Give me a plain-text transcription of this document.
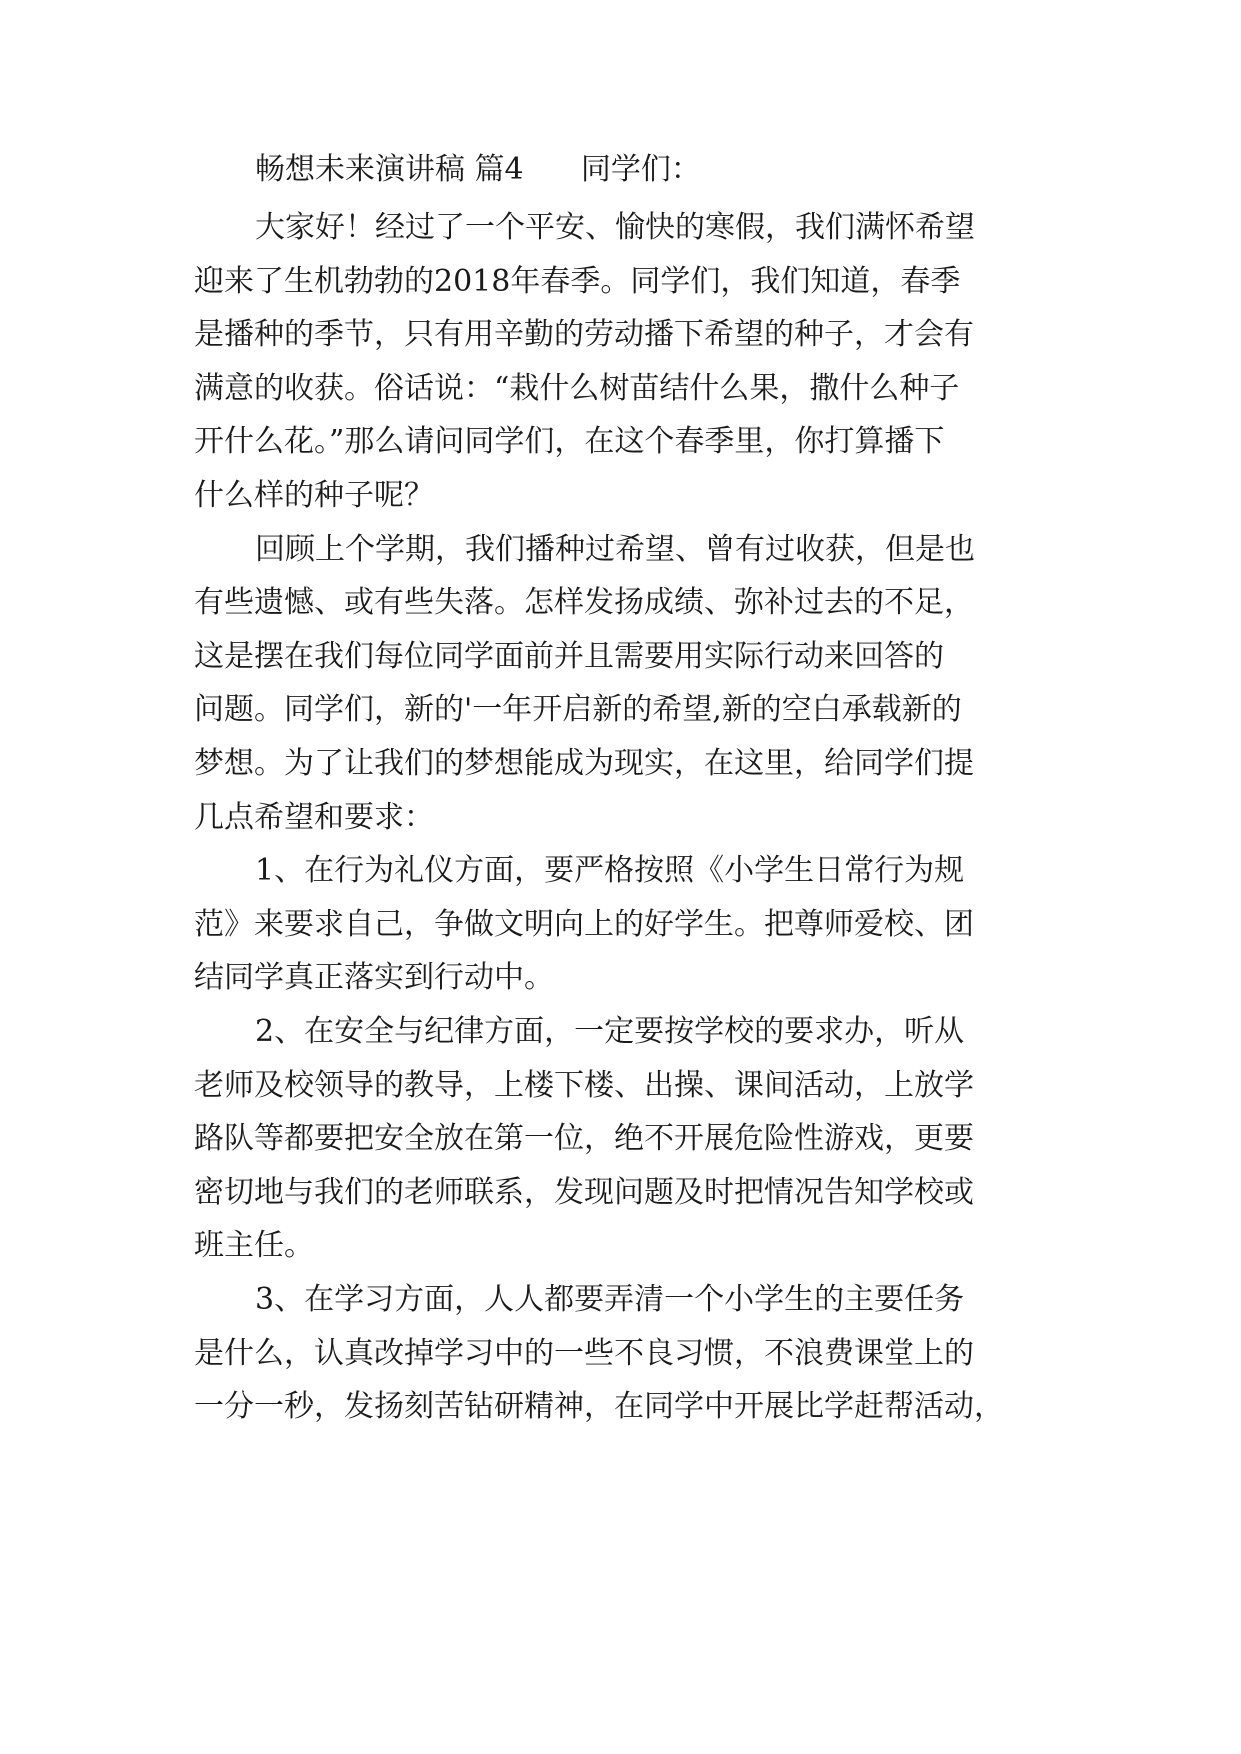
畅想未来演讲稿 篇4      同学们：
大家好！经过了一个平安、愉快的寒假，我们满怀希望
迎来了生机勃勃的2018年春季。同学们，我们知道，春季
是播种的季节，只有用辛勤的劳动播下希望的种子，才会有
满意的收获。俗话说：“栽什么树苗结什么果，撒什么种子
开什么花。”那么请问同学们，在这个春季里，你打算播下
什么样的种子呢？
回顾上个学期，我们播种过希望、曾有过收获，但是也
有些遗憾、或有些失落。怎样发扬成绩、弥补过去的不足，
这是摆在我们每位同学面前并且需要用实际行动来回答的
问题。同学们，新的'一年开启新的希望,新的空白承载新的
梦想。为了让我们的梦想能成为现实，在这里，给同学们提
几点希望和要求：
1、在行为礼仪方面，要严格按照《小学生日常行为规
范》来要求自己，争做文明向上的好学生。把尊师爱校、团
结同学真正落实到行动中。
2、在安全与纪律方面，一定要按学校的要求办，听从
老师及校领导的教导，上楼下楼、出操、课间活动，上放学
路队等都要把安全放在第一位，绝不开展危险性游戏，更要
密切地与我们的老师联系，发现问题及时把情况告知学校或
班主任。
3、在学习方面，人人都要弄清一个小学生的主要任务
是什么，认真改掉学习中的一些不良习惯，不浪费课堂上的
一分一秒，发扬刻苦钻研精神，在同学中开展比学赶帮活动，
